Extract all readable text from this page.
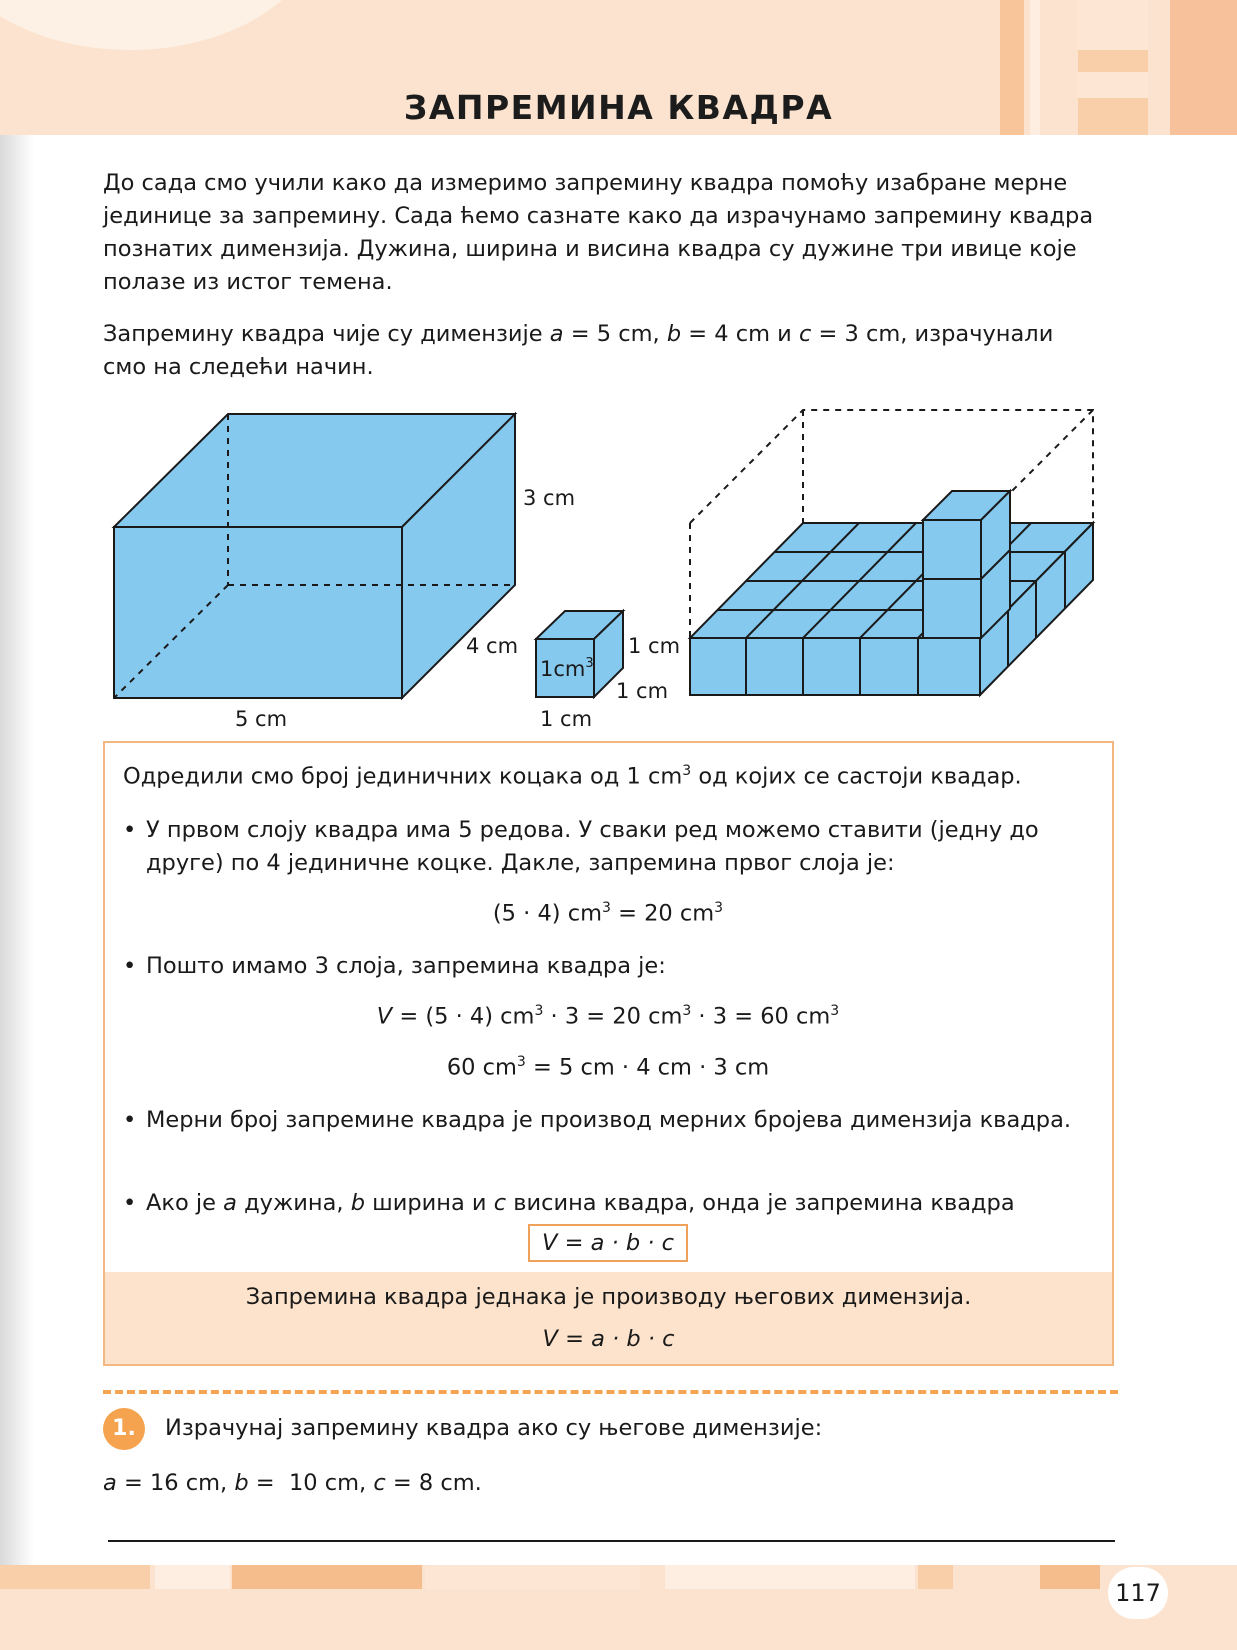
ЗАПРЕМИНА КВАДРА

До сада смо учили како да измеримо запремину квадра помоћу изабране мерне јединице за запремину. Сада ћемо сазнате како да израчунамо запремину квадра познатих димензија. Дужина, ширина и висина квадра су дужине три ивице које полазе из истог темена.

Запремину квадра чије су димензије a = 5 cm, b = 4 cm и c = 3 cm, израчунали смо на следећи начин.

3 cm
4 cm
5 cm
$1cm^3$
1 cm
1 cm
1 cm

Одредили смо број јединичних коцака од 1 $cm^3$ од којих се састоји квадар.

• У првом слоју квадра има 5 редова. У сваки ред можемо ставити (једну до друге) по 4 јединичне коцке. Дакле, запремина првог слоја је:

(5 · 4) $cm^3 = 20$ $cm^3$

• Пошто имамо 3 слоја, запремина квадра је:

V = (5 · 4) $cm^3 \cdot 3 = 20$ $cm^3 \cdot 3 = 60$ $cm^3$

60 $cm^3 = 5$ cm · 4 cm · 3 cm

• Мерни број запремине квадра је производ мерних бројева димензија квадра.

• Ако је a дужина, b ширина и c висина квадра, онда је запремина квадра

V = a · b · c

Запремина квадра једнака је производу његових димензија.

V = a · b · c

1.	Израчунај запремину квадра ако су његове димензије:
a = 16 cm, b =  10 cm, c = 8 cm.
117
